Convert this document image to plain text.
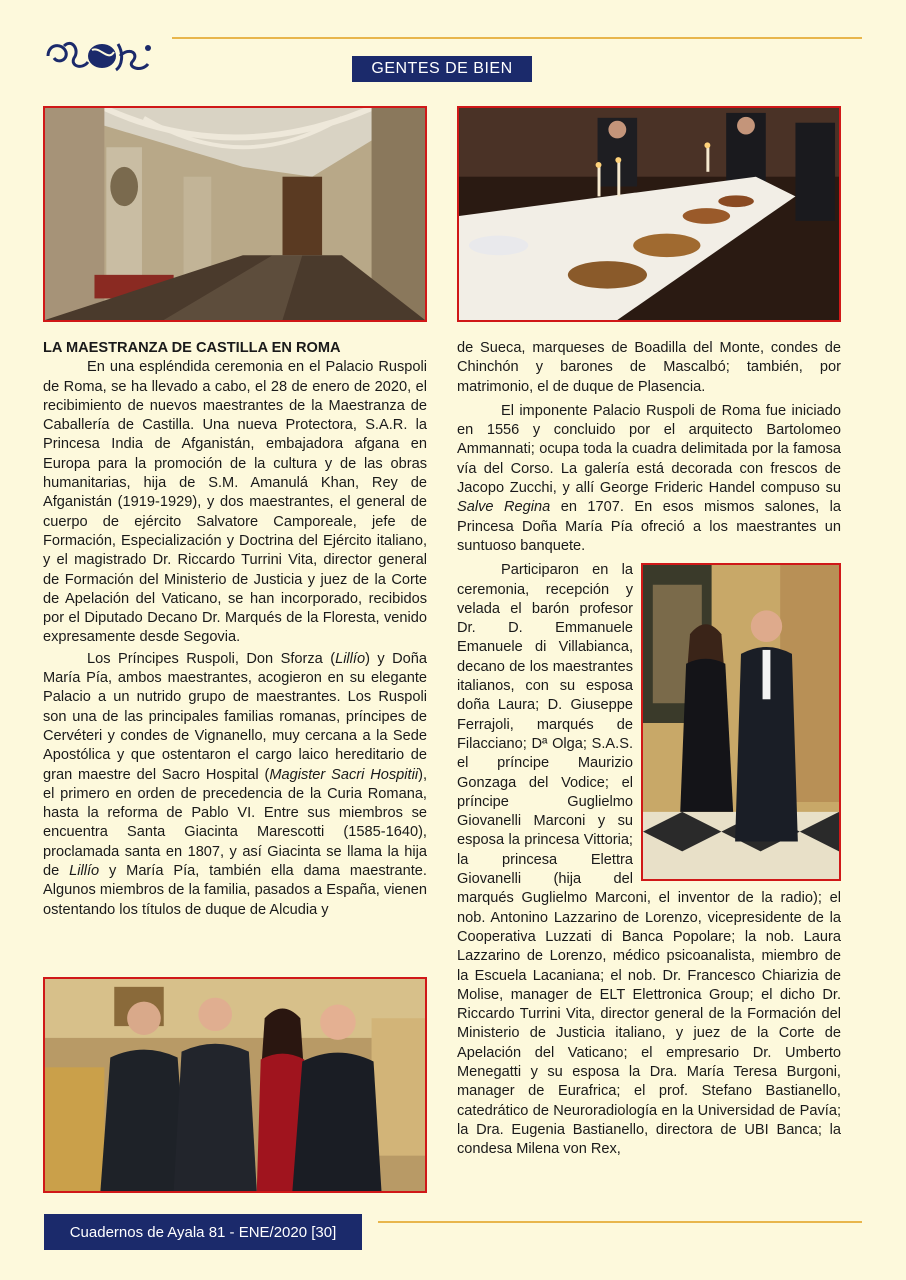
GENTES DE BIEN

LA MAESTRANZA DE CASTILLA EN ROMA

En una espléndida ceremonia en el Palacio Ruspoli de Roma, se ha llevado a cabo, el 28 de enero de 2020, el recibimiento de nuevos maestrantes de la Maestranza de Caballería de Castilla. Una nueva Protectora, S.A.R. la Princesa India de Afganistán, embajadora afgana en Europa para la promoción de la cultura y de las obras humanitarias, hija de S.M. Amanulá Khan, Rey de Afganistán (1919-1929), y dos maestrantes, el general de cuerpo de ejército Salvatore Camporeale, jefe de Formación, Especialización y Doctrina del Ejército italiano, y el magistrado Dr. Riccardo Turrini Vita, director general de Formación del Ministerio de Justicia y juez de la Corte de Apelación del Vaticano, se han incorporado, recibidos por el Diputado Decano Dr. Marqués de la Floresta, venido expresamente desde Segovia.

Los Príncipes Ruspoli, Don Sforza (Lillío) y Doña María Pía, ambos maestrantes, acogieron en su elegante Palacio a un nutrido grupo de maestrantes. Los Ruspoli son una de las principales familias romanas, príncipes de Cervéteri y condes de Vignanello, muy cercana a la Sede Apostólica y que ostentaron el cargo laico hereditario de gran maestre del Sacro Hospital (Magister Sacri Hospitii), el primero en orden de precedencia de la Curia Romana, hasta la reforma de Pablo VI. Entre sus miembros se encuentra Santa Giacinta Marescotti (1585-1640), proclamada santa en 1807, y así Giacinta se llama la hija de Lillío y María Pía, también ella dama maestrante. Algunos miembros de la familia, pasados a España, vienen ostentando los títulos de duque de Alcudia y

de Sueca, marqueses de Boadilla del Monte, condes de Chinchón y barones de Mascalbó; también, por matrimonio, el de duque de Plasencia.

El imponente Palacio Ruspoli de Roma fue iniciado en 1556 y concluido por el arquitecto Bartolomeo Ammannati; ocupa toda la cuadra delimitada por la famosa vía del Corso. La galería está decorada con frescos de Jacopo Zucchi, y allí George Frideric Handel compuso su Salve Regina en 1707. En esos mismos salones, la Princesa Doña María Pía ofreció a los maestrantes un suntuoso banquete.

Participaron en la ceremonia, recepción y velada el barón profesor Dr. D. Emmanuele Emanuele di Villabianca, decano de los maestrantes italianos, con su esposa doña Laura; D. Giuseppe Ferrajoli, marqués de Filacciano; Dª Olga; S.A.S. el príncipe Maurizio Gonzaga del Vodice; el príncipe Guglielmo Giovanelli Marconi y su esposa la princesa Vittoria; la princesa Elettra Giovanelli (hija del marqués Guglielmo Marconi, el inventor de la radio); el nob. Antonino Lazzarino de Lorenzo, vicepresidente de la Cooperativa Luzzati di Banca Popolare; la nob. Laura Lazzarino de Lorenzo, médico psicoanalista, miembro de la Escuela Lacaniana; el nob. Dr. Francesco Chiarizia de Molise, manager de ELT Elettronica Group; el dicho Dr. Riccardo Turrini Vita, director general de la Formación del Ministerio de Justicia italiano, y juez de la Corte de Apelación del Vaticano; el empresario Dr. Umberto Menegatti y su esposa la Dra. María Teresa Burgoni, manager de Eurafrica; el prof. Stefano Bastianello, catedrático de Neuroradiología en la Universidad de Pavía; la Dra. Eugenia Bastianello, directora de UBI Banca; la condesa Milena von Rex,

Cuadernos de Ayala 81 - ENE/2020 [30]
